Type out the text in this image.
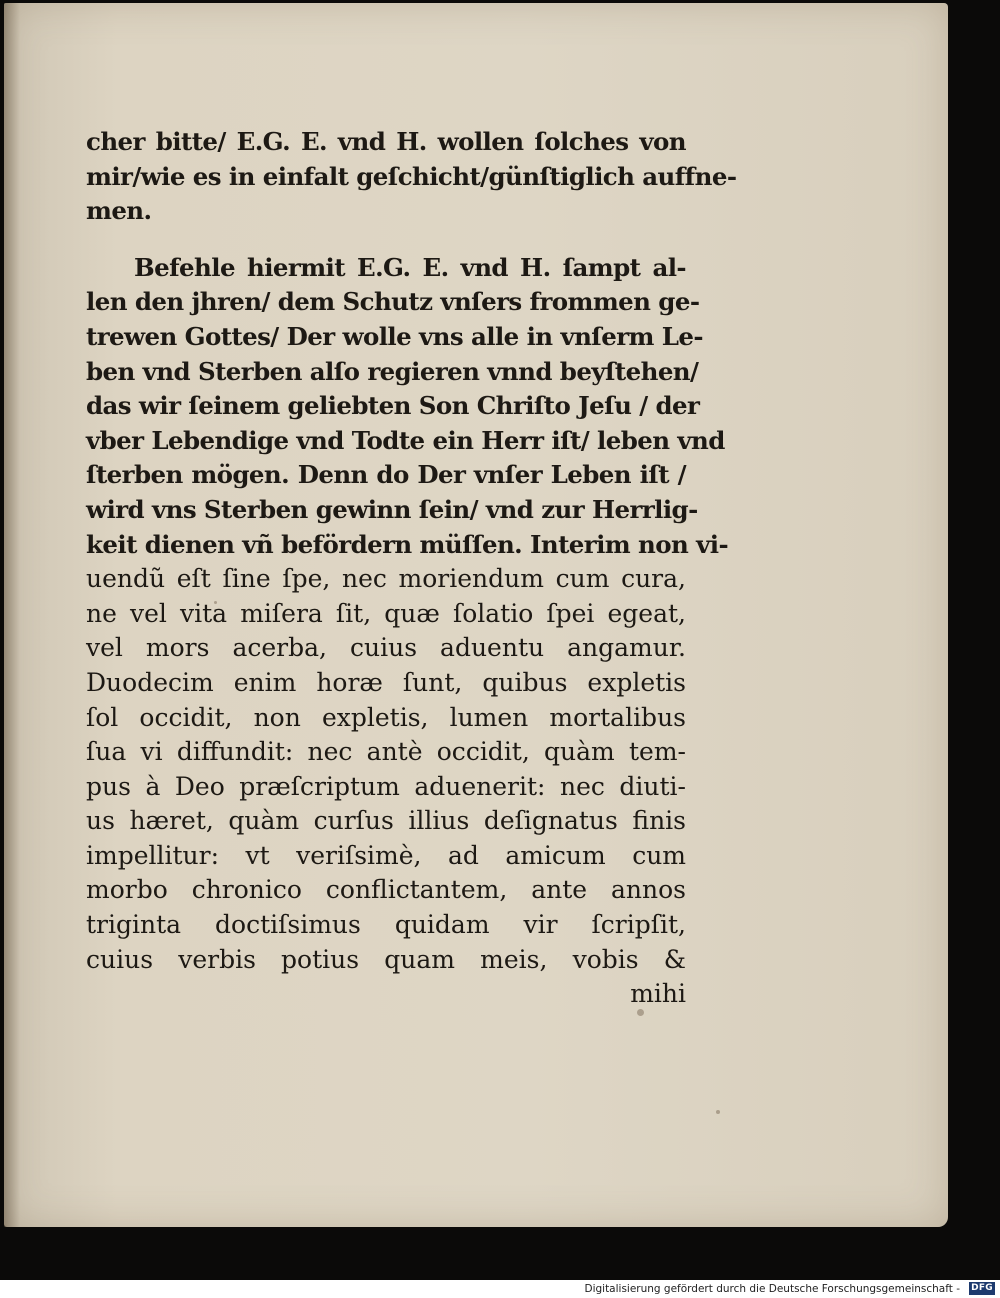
cher bitte/ E.G. E. vnd H. wollen ſolches von
mir/wie es in einfalt geſchicht/günſtiglich auffne-
men.
Befehle hiermit E.G. E. vnd H. ſampt al-
len den jhren/ dem Schutz vnſers frommen ge-
trewen Gottes/ Der wolle vns alle in vnſerm Le-
ben vnd Sterben alſo regieren vnnd beyſtehen/
das wir ſeinem geliebten Son Chriſto Jeſu / der
vber Lebendige vnd Todte ein Herr iſt/ leben vnd
ſterben mögen. Denn do Der vnſer Leben iſt /
wird vns Sterben gewinn ſein/ vnd zur Herrlig-
keit dienen vñ befördern müſſen. Interim non vi-
uendũ eſt ſine ſpe, nec moriendum cum cura,
ne vel vita miſera ſit, quæ ſolatio ſpei egeat,
vel mors acerba, cuius aduentu angamur.
Duodecim enim horæ ſunt, quibus expletis
ſol occidit, non expletis, lumen mortalibus
ſua vi diffundit: nec antè occidit, quàm tem-
pus à Deo præſcriptum aduenerit: nec diuti-
us hæret, quàm curſus illius deſignatus finis
impellitur: vt veriſsimè, ad amicum cum
morbo chronico conflictantem, ante annos
triginta doctiſsimus quidam vir ſcripſit,
cuius verbis potius quam meis, vobis &
mihi
Digitalisierung gefördert durch die Deutsche Forschungsgemeinschaft - DFG
